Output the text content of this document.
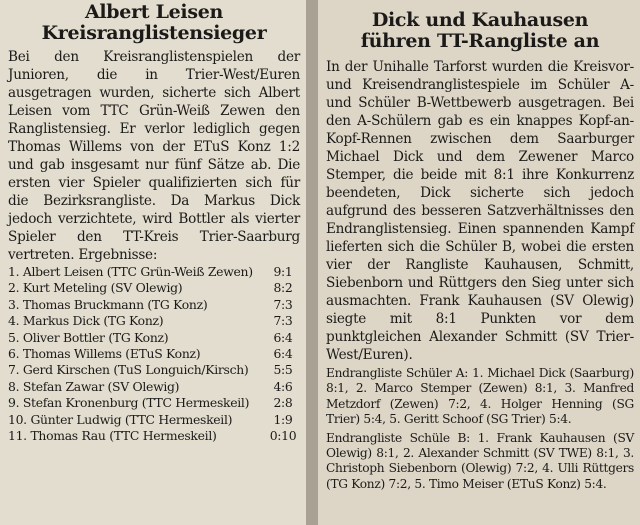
Albert Leisen
Kreisranglistensieger
Bei den Kreisranglistenspielen der Junioren, die in Trier-West/Euren ausgetragen wurden, sicherte sich Albert Leisen vom TTC Grün-Weiß Zewen den Ranglistensieg. Er verlor lediglich gegen Thomas Willems von der ETuS Konz 1:2 und gab insgesamt nur fünf Sätze ab. Die ersten vier Spieler qualifizierten sich für die Bezirksrangliste. Da Markus Dick jedoch verzichtete, wird Bottler als vierter Spieler den TT-Kreis Trier-Saarburg vertreten. Ergebnisse:
1. Albert Leisen (TTC Grün-Weiß Zewen)	9:1
2. Kurt Meteling (SV Olewig)	8:2
3. Thomas Bruckmann (TG Konz)	7:3
4. Markus Dick (TG Konz)	7:3
5. Oliver Bottler (TG Konz)	6:4
6. Thomas Willems (ETuS Konz)	6:4
7. Gerd Kirschen (TuS Longuich/Kirsch)	5:5
8. Stefan Zawar (SV Olewig)	4:6
9. Stefan Kronenburg (TTC Hermeskeil)	2:8
10. Günter Ludwig (TTC Hermeskeil)	1:9
11. Thomas Rau (TTC Hermeskeil)	0:10
Dick und Kauhausen
führen TT-Rangliste an
In der Unihalle Tarforst wurden die Kreisvor- und Kreisendranglistespiele im Schüler A- und Schüler B-Wettbewerb ausgetragen. Bei den A-Schülern gab es ein knappes Kopf-an-Kopf-Rennen zwischen dem Saarburger Michael Dick und dem Zewener Marco Stemper, die beide mit 8:1 ihre Konkurrenz beendeten, Dick sicherte sich jedoch aufgrund des besseren Satzverhältnisses den Endranglistensieg. Einen spannenden Kampf lieferten sich die Schüler B, wobei die ersten vier der Rangliste Kauhausen, Schmitt, Siebenborn und Rüttgers den Sieg unter sich ausmachten. Frank Kauhausen (SV Olewig) siegte mit 8:1 Punkten vor dem punktgleichen Alexander Schmitt (SV Trier-West/Euren).

Endrangliste Schüler A: 1. Michael Dick (Saarburg) 8:1, 2. Marco Stemper (Zewen) 8:1, 3. Manfred Metzdorf (Zewen) 7:2, 4. Holger Henning (SG Trier) 5:4, 5. Geritt Schoof (SG Trier) 5:4.

Endrangliste Schüle B: 1. Frank Kauhausen (SV Olewig) 8:1, 2. Alexander Schmitt (SV TWE) 8:1, 3. Christoph Siebenborn (Olewig) 7:2, 4. Ulli Rüttgers (TG Konz) 7:2, 5. Timo Meiser (ETuS Konz) 5:4.
